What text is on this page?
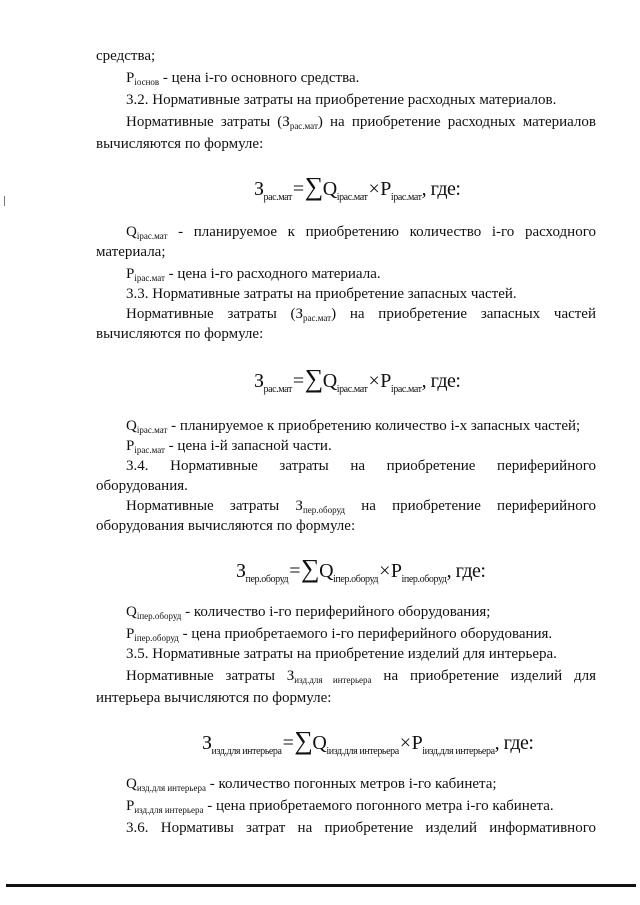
средства;
$P_{iоснов}$ - цена i-го основного средства.
3.2. Нормативные затраты на приобретение расходных материалов.
Нормативные затраты $(З_{рас.мат})$ на приобретение расходных материалов
вычисляются по формуле:
$З_{рас.мат}=\sum Q_{iрас.мат}\times P_{iрас.мат}$, где:
$Q_{iрас.мат}$ - планируемое к приобретению количество i-го расходного
материала;
$P_{iрас.мат}$ - цена i-го расходного материала.
3.3. Нормативные затраты на приобретение запасных частей.
Нормативные затраты $(З_{рас.мат})$ на приобретение запасных частей
вычисляются по формуле:
$З_{рас.мат}=\sum Q_{iрас.мат}\times P_{iрас.мат}$, где:
$Q_{iрас.мат}$ - планируемое к приобретению количество i-х запасных частей;
$P_{iрас.мат}$ - цена i-й запасной части.
3.4. Нормативные затраты на приобретение периферийного
оборудования.
Нормативные затраты $З_{пер.оборуд}$ на приобретение периферийного
оборудования вычисляются по формуле:
$З_{пер.оборуд}=\sum Q_{iпер.оборуд}\times P_{iпер.оборуд}$, где:
$Q_{iпер.оборуд}$ - количество i-го периферийного оборудования;
$P_{iпер.оборуд}$ - цена приобретаемого i-го периферийного оборудования.
3.5. Нормативные затраты на приобретение изделий для интерьера.
Нормативные затраты $З_{изд.для интерьера}$ на приобретение изделий для
интерьера вычисляются по формуле:
$З_{изд.для интерьера}=\sum Q_{iизд.для интерьера}\times P_{iизд.для интерьера}$, где:
$Q_{изд.для интерьера}$ - количество погонных метров i-го кабинета;
$P_{изд.для интерьера}$ - цена приобретаемого погонного метра i-го кабинета.
3.6. Нормативы затрат на приобретение изделий информативного
